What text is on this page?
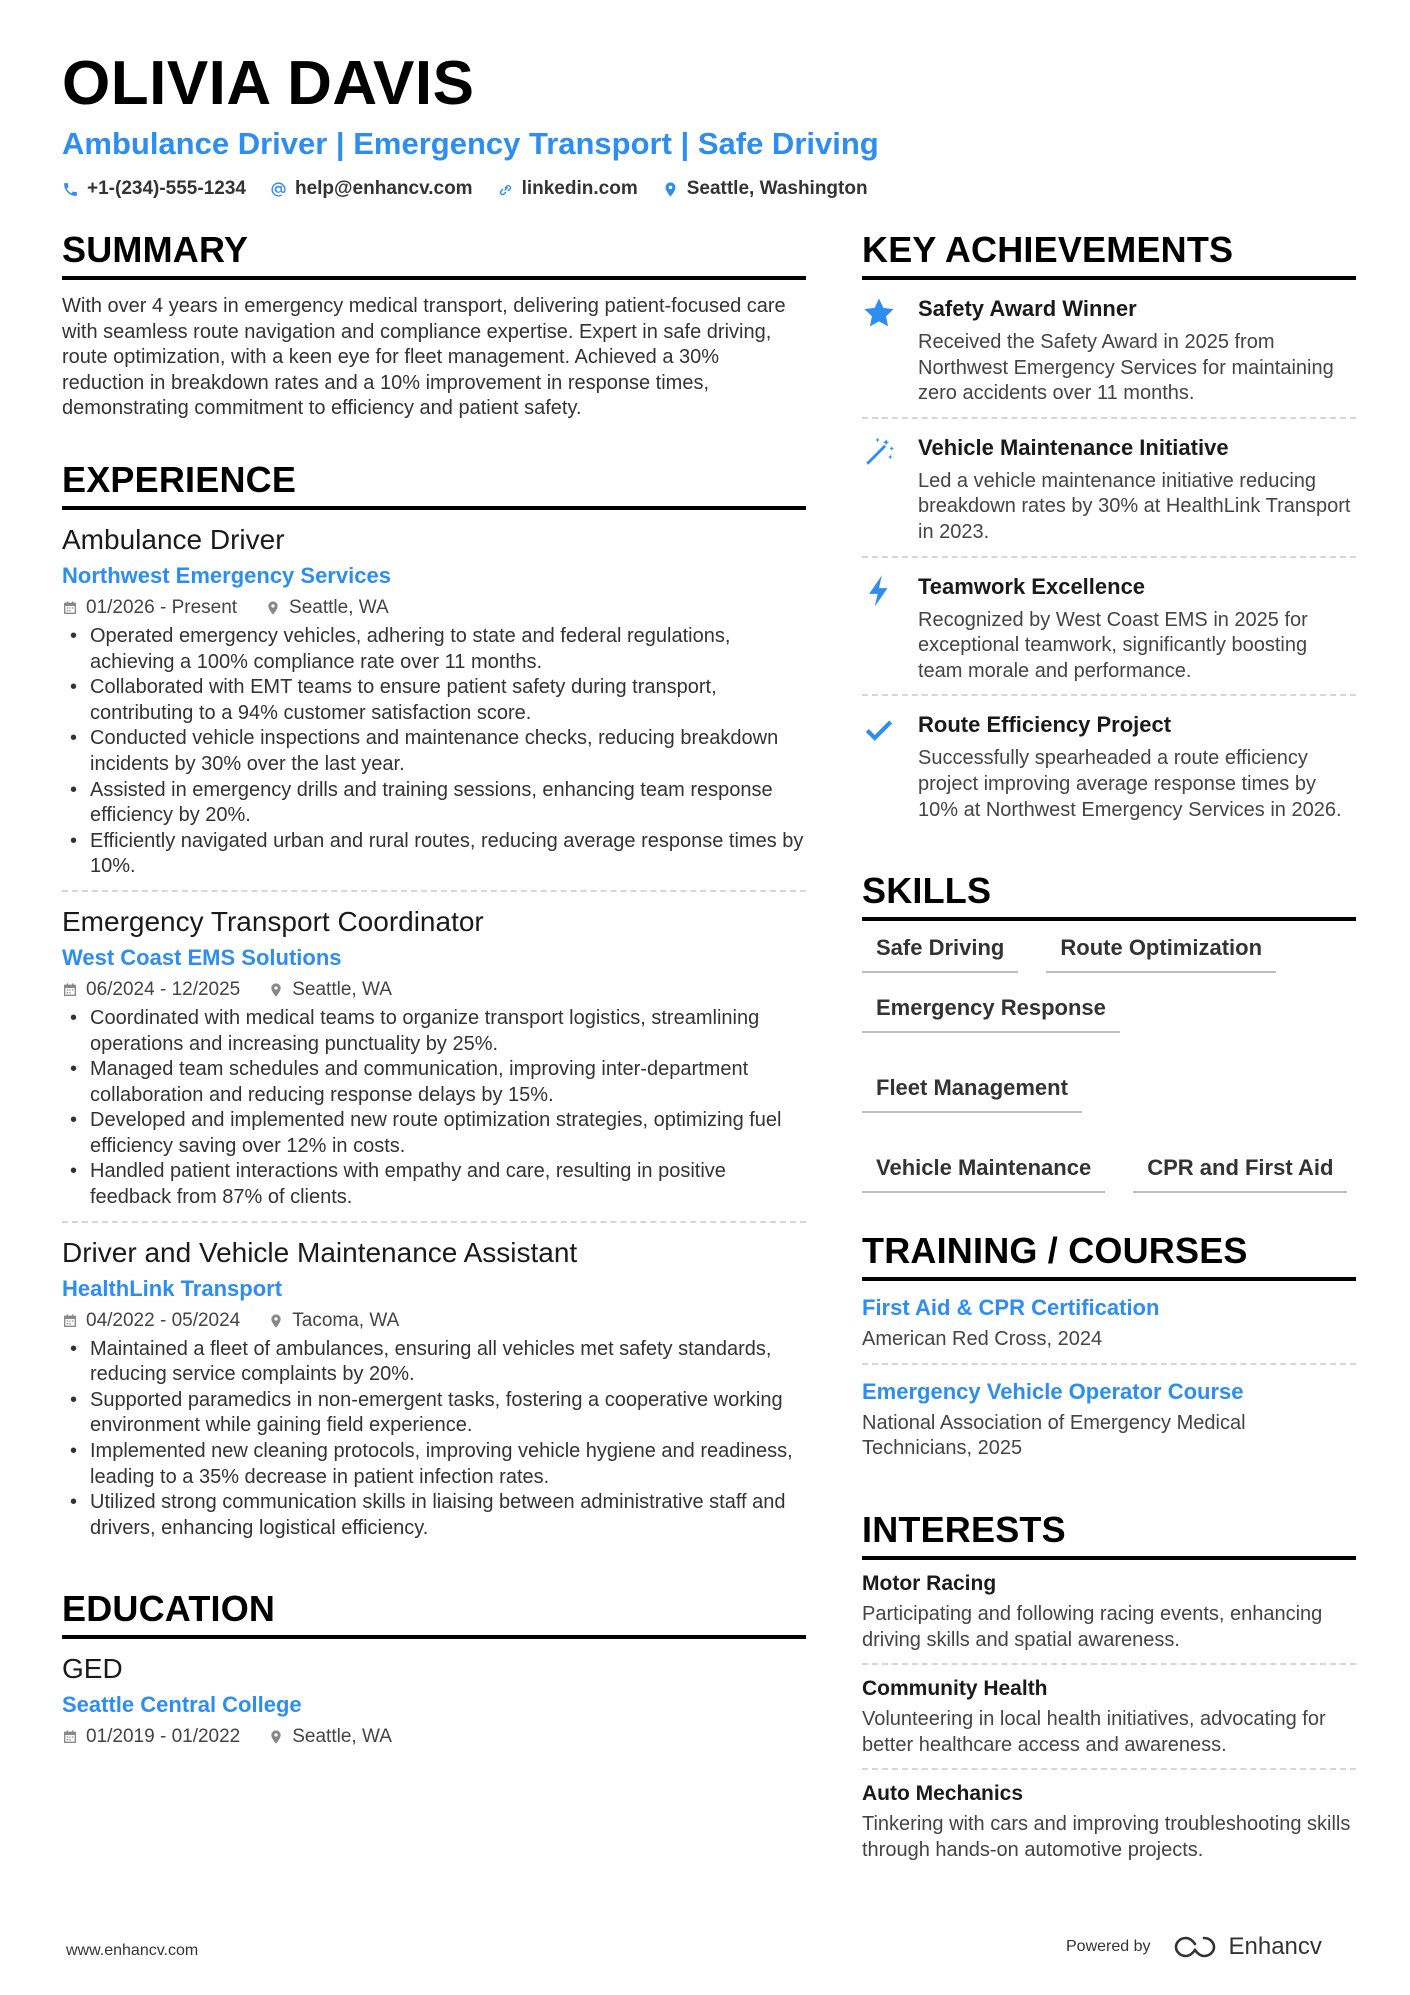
OLIVIA DAVIS
Ambulance Driver | Emergency Transport | Safe Driving
+1-(234)-555-1234	help@enhancv.com	linkedin.com	Seattle, Washington
SUMMARY
With over 4 years in emergency medical transport, delivering patient-focused care with seamless route navigation and compliance expertise. Expert in safe driving, route optimization, with a keen eye for fleet management. Achieved a 30% reduction in breakdown rates and a 10% improvement in response times, demonstrating commitment to efficiency and patient safety.
EXPERIENCE
Ambulance Driver
Northwest Emergency Services
01/2026 - Present	Seattle, WA
• Operated emergency vehicles, adhering to state and federal regulations, achieving a 100% compliance rate over 11 months.
• Collaborated with EMT teams to ensure patient safety during transport, contributing to a 94% customer satisfaction score.
• Conducted vehicle inspections and maintenance checks, reducing breakdown incidents by 30% over the last year.
• Assisted in emergency drills and training sessions, enhancing team response efficiency by 20%.
• Efficiently navigated urban and rural routes, reducing average response times by 10%.
Emergency Transport Coordinator
West Coast EMS Solutions
06/2024 - 12/2025	Seattle, WA
• Coordinated with medical teams to organize transport logistics, streamlining operations and increasing punctuality by 25%.
• Managed team schedules and communication, improving inter-department collaboration and reducing response delays by 15%.
• Developed and implemented new route optimization strategies, optimizing fuel efficiency saving over 12% in costs.
• Handled patient interactions with empathy and care, resulting in positive feedback from 87% of clients.
Driver and Vehicle Maintenance Assistant
HealthLink Transport
04/2022 - 05/2024	Tacoma, WA
• Maintained a fleet of ambulances, ensuring all vehicles met safety standards, reducing service complaints by 20%.
• Supported paramedics in non-emergent tasks, fostering a cooperative working environment while gaining field experience.
• Implemented new cleaning protocols, improving vehicle hygiene and readiness, leading to a 35% decrease in patient infection rates.
• Utilized strong communication skills in liaising between administrative staff and drivers, enhancing logistical efficiency.
EDUCATION
GED
Seattle Central College
01/2019 - 01/2022	Seattle, WA
KEY ACHIEVEMENTS
Safety Award Winner
Received the Safety Award in 2025 from Northwest Emergency Services for maintaining zero accidents over 11 months.
Vehicle Maintenance Initiative
Led a vehicle maintenance initiative reducing breakdown rates by 30% at HealthLink Transport in 2023.
Teamwork Excellence
Recognized by West Coast EMS in 2025 for exceptional teamwork, significantly boosting team morale and performance.
Route Efficiency Project
Successfully spearheaded a route efficiency project improving average response times by 10% at Northwest Emergency Services in 2026.
SKILLS
Safe Driving	Route Optimization
Emergency Response
Fleet Management
Vehicle Maintenance	CPR and First Aid
TRAINING / COURSES
First Aid & CPR Certification
American Red Cross, 2024
Emergency Vehicle Operator Course
National Association of Emergency Medical Technicians, 2025
INTERESTS
Motor Racing
Participating and following racing events, enhancing driving skills and spatial awareness.
Community Health
Volunteering in local health initiatives, advocating for better healthcare access and awareness.
Auto Mechanics
Tinkering with cars and improving troubleshooting skills through hands-on automotive projects.
www.enhancv.com	Powered by	Enhancv
